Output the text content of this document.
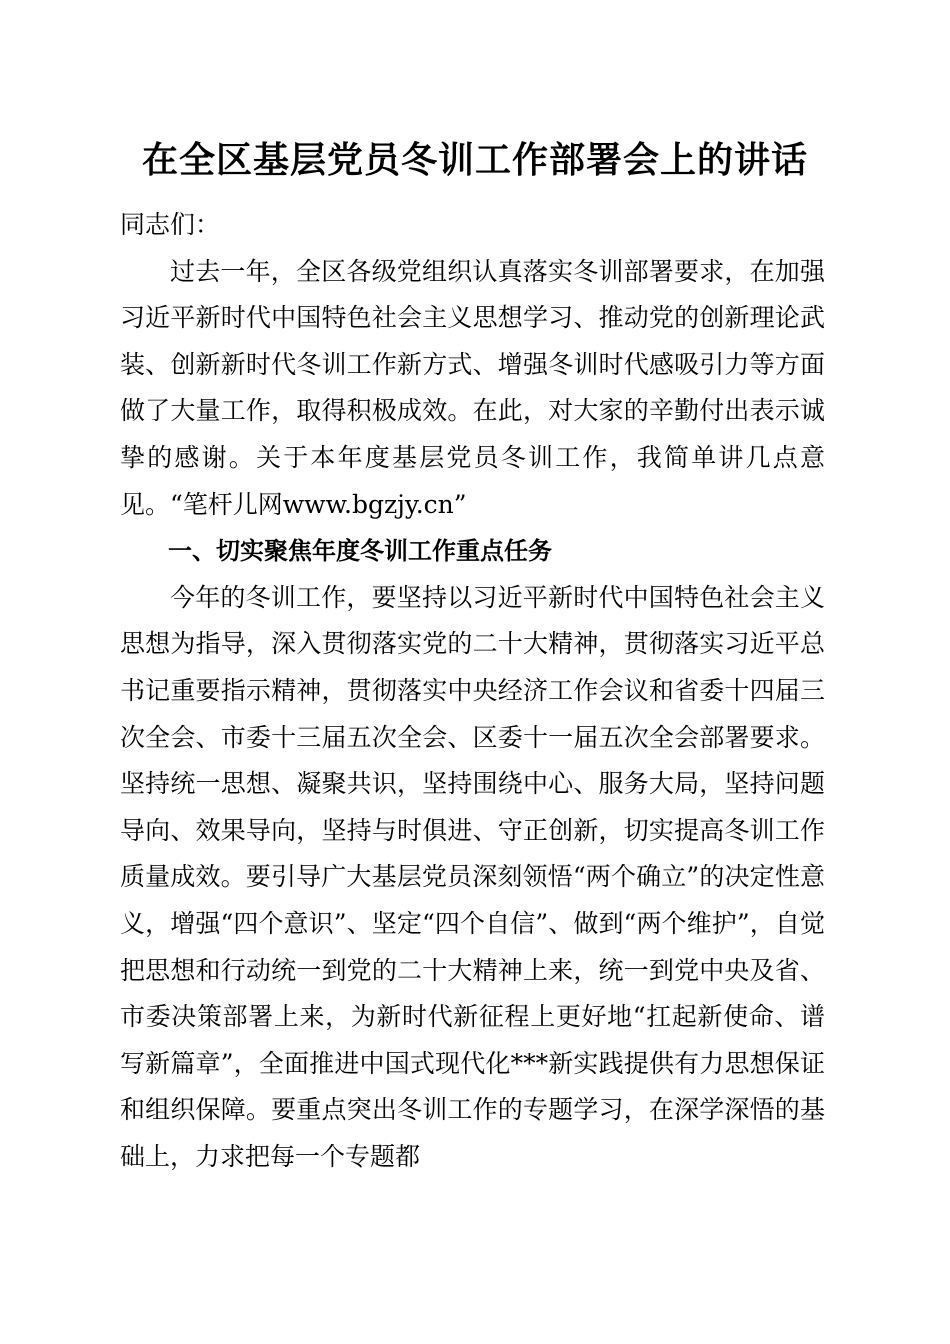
在全区基层党员冬训工作部署会上的讲话

同志们：

过去一年，全区各级党组织认真落实冬训部署要求，在加强习近平新时代中国特色社会主义思想学习、推动党的创新理论武装、创新新时代冬训工作新方式、增强冬训时代感吸引力等方面做了大量工作，取得积极成效。在此，对大家的辛勤付出表示诚挚的感谢。关于本年度基层党员冬训工作，我简单讲几点意见。“笔杆儿网www.bgzjy.cn”

一、切实聚焦年度冬训工作重点任务

今年的冬训工作，要坚持以习近平新时代中国特色社会主义思想为指导，深入贯彻落实党的二十大精神，贯彻落实习近平总书记重要指示精神，贯彻落实中央经济工作会议和省委十四届三次全会、市委十三届五次全会、区委十一届五次全会部署要求。坚持统一思想、凝聚共识，坚持围绕中心、服务大局，坚持问题导向、效果导向，坚持与时俱进、守正创新，切实提高冬训工作质量成效。要引导广大基层党员深刻领悟“两个确立”的决定性意义，增强“四个意识”、坚定“四个自信”、做到“两个维护”，自觉把思想和行动统一到党的二十大精神上来，统一到党中央及省、市委决策部署上来，为新时代新征程上更好地“扛起新使命、谱写新篇章”，全面推进中国式现代化***新实践提供有力思想保证和组织保障。要重点突出冬训工作的专题学习，在深学深悟的基础上，力求把每一个专题都
